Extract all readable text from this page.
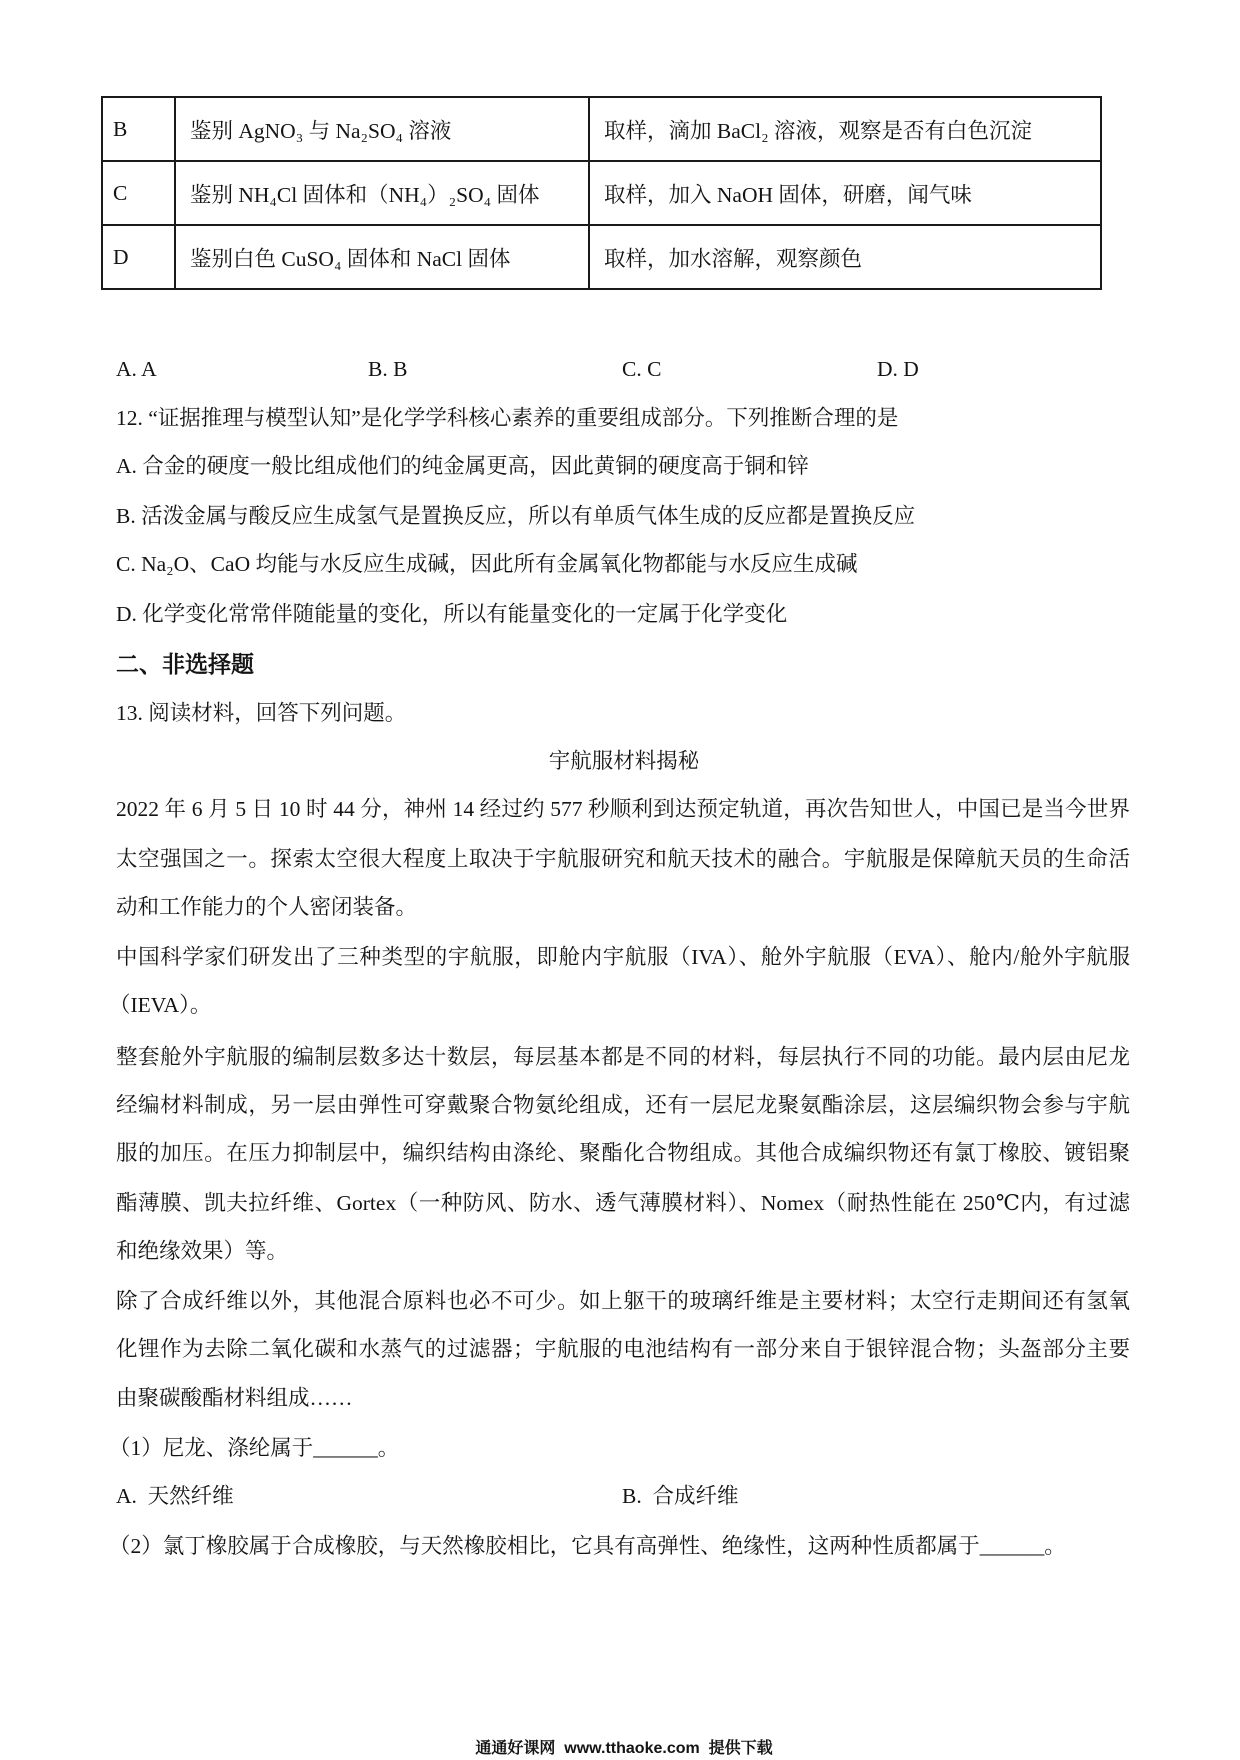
B	鉴别 AgNO₃ 与 Na₂SO₄ 溶液	取样，滴加 BaCl₂ 溶液，观察是否有白色沉淀
C	鉴别 NH₄Cl 固体和（NH₄）₂SO₄ 固体	取样，加入 NaOH 固体，研磨，闻气味
D	鉴别白色 CuSO₄ 固体和 NaCl 固体	取样，加水溶解，观察颜色
A. A	B. B	C. C	D. D
12. “证据推理与模型认知”是化学学科核心素养的重要组成部分。下列推断合理的是
A. 合金的硬度一般比组成他们的纯金属更高，因此黄铜的硬度高于铜和锌
B. 活泼金属与酸反应生成氢气是置换反应，所以有单质气体生成的反应都是置换反应
C. Na₂O、CaO 均能与水反应生成碱，因此所有金属氧化物都能与水反应生成碱
D. 化学变化常常伴随能量的变化，所以有能量变化的一定属于化学变化
二、非选择题
13. 阅读材料，回答下列问题。
宇航服材料揭秘
2022 年 6 月 5 日 10 时 44 分，神州 14 经过约 577 秒顺利到达预定轨道，再次告知世人，中国已是当今世界
太空强国之一。探索太空很大程度上取决于宇航服研究和航天技术的融合。宇航服是保障航天员的生命活
动和工作能力的个人密闭装备。
中国科学家们研发出了三种类型的宇航服，即舱内宇航服（IVA）、舱外宇航服（EVA）、舱内/舱外宇航服
（IEVA）。
整套舱外宇航服的编制层数多达十数层，每层基本都是不同的材料，每层执行不同的功能。最内层由尼龙
经编材料制成，另一层由弹性可穿戴聚合物氨纶组成，还有一层尼龙聚氨酯涂层，这层编织物会参与宇航
服的加压。在压力抑制层中，编织结构由涤纶、聚酯化合物组成。其他合成编织物还有氯丁橡胶、镀铝聚
酯薄膜、凯夫拉纤维、Gortex（一种防风、防水、透气薄膜材料）、Nomex（耐热性能在 250℃内，有过滤
和绝缘效果）等。
除了合成纤维以外，其他混合原料也必不可少。如上躯干的玻璃纤维是主要材料；太空行走期间还有氢氧
化锂作为去除二氧化碳和水蒸气的过滤器；宇航服的电池结构有一部分来自于银锌混合物；头盔部分主要
由聚碳酸酯材料组成……
（1）尼龙、涤纶属于______。
A.  天然纤维	B.  合成纤维
（2）氯丁橡胶属于合成橡胶，与天然橡胶相比，它具有高弹性、绝缘性，这两种性质都属于______。
通通好课网  www.tthaoke.com  提供下载
